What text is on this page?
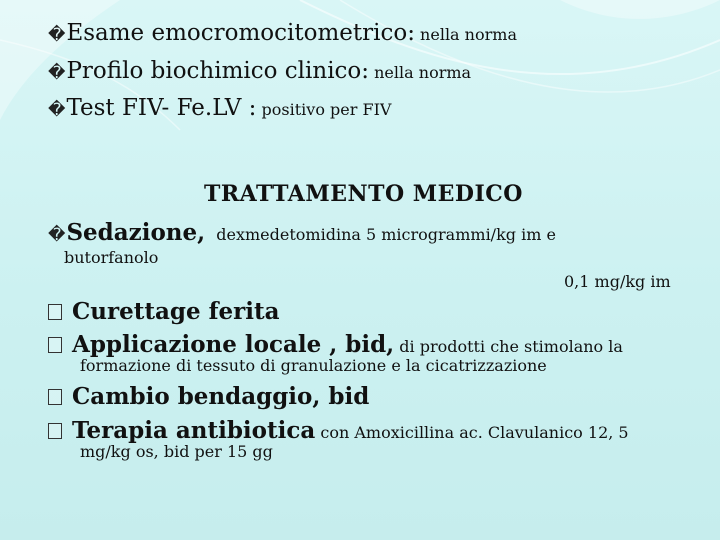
�Esame emocromocitometrico: nella norma
�Profilo biochimico clinico: nella norma
�Test FIV- Fe.LV : positivo per FIV
TRATTAMENTO MEDICO
�Sedazione, dexmedetomidina 5 microgrammi/kg im e
butorfanolo
0,1 mg/kg im
Curettage ferita
Applicazione locale , bid, di prodotti che stimolano la
formazione di tessuto di granulazione e la cicatrizzazione
Cambio bendaggio, bid
Terapia antibiotica con Amoxicillina ac. Clavulanico 12, 5
mg/kg os, bid per 15 gg
